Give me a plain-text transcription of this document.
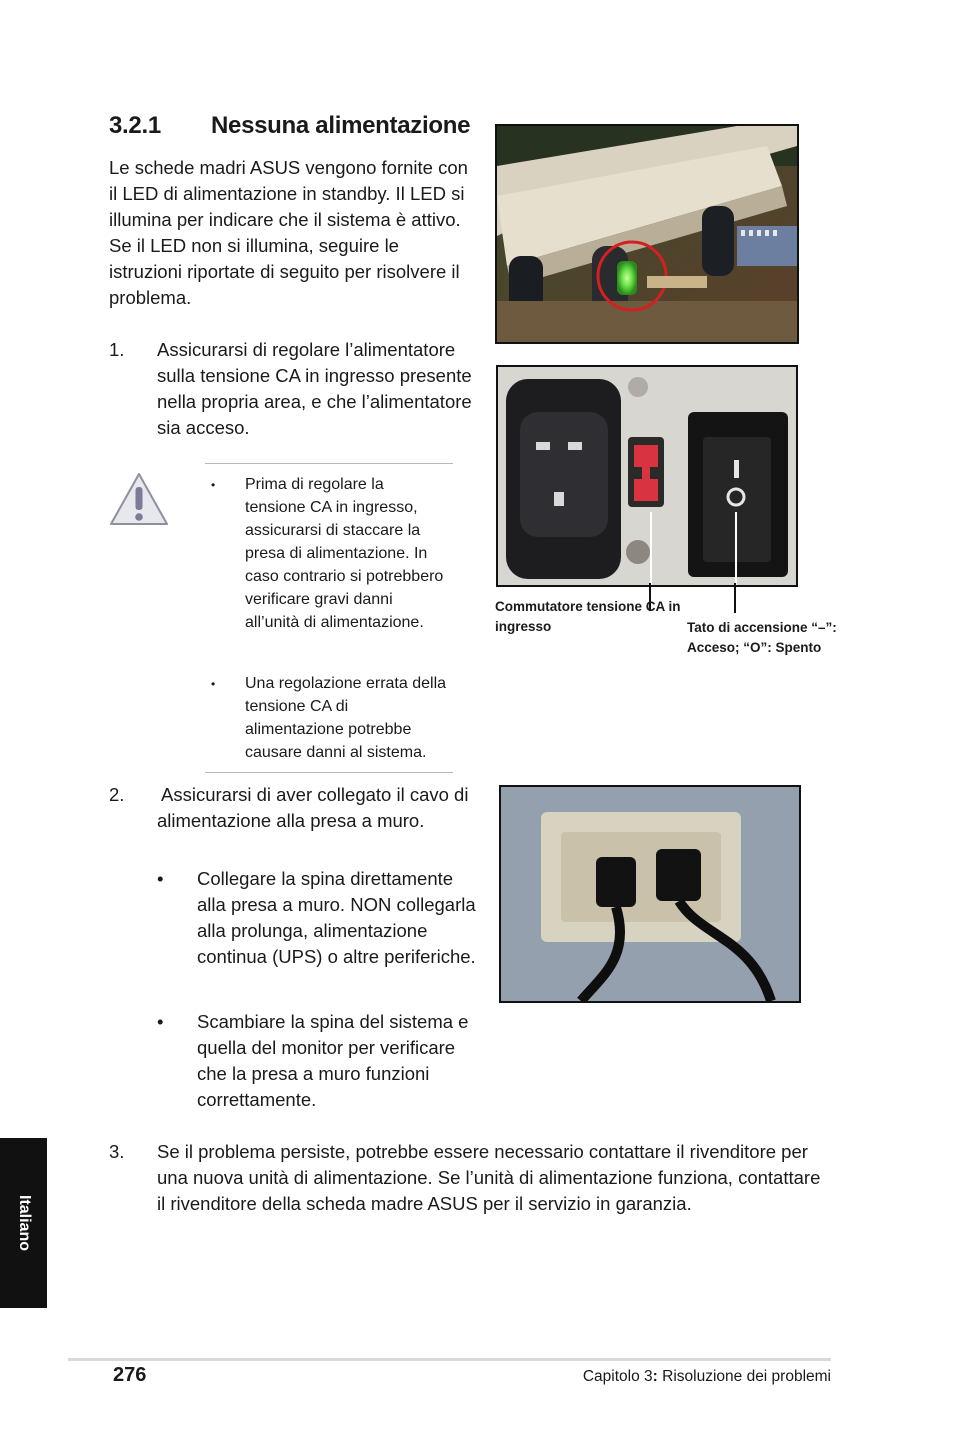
3.2.1 Nessuna alimentazione
Le schede madri ASUS vengono fornite con il LED di alimentazione in standby. Il LED si illumina per indicare che il sistema è attivo. Se il LED non si illumina, seguire le istruzioni riportate di seguito per risolvere il problema.
1. Assicurarsi di regolare l’alimentatore sulla tensione CA in ingresso presente nella propria area, e che l’alimentatore sia acceso.
• Prima di regolare la tensione CA in ingresso, assicurarsi di staccare la presa di alimentazione. In caso contrario si potrebbero verificare gravi danni all’unità di alimentazione.
• Una regolazione errata della tensione CA di alimentazione potrebbe causare danni al sistema.
2. Assicurarsi di aver collegato il cavo di alimentazione alla presa a muro.
• Collegare la spina direttamente alla presa a muro. NON collegarla alla prolunga, alimentazione continua (UPS) o altre periferiche.
• Scambiare la spina del sistema e quella del monitor per verificare che la presa a muro funzioni correttamente.
3. Se il problema persiste, potrebbe essere necessario contattare il rivenditore per una nuova unità di alimentazione. Se l’unità di alimentazione funziona, contattare il rivenditore della scheda madre ASUS per il servizio in garanzia.
Commutatore tensione CA in ingresso	Tato di accensione “–”: Acceso; “O”: Spento
Italiano
276	Capitolo 3: Risoluzione dei problemi
